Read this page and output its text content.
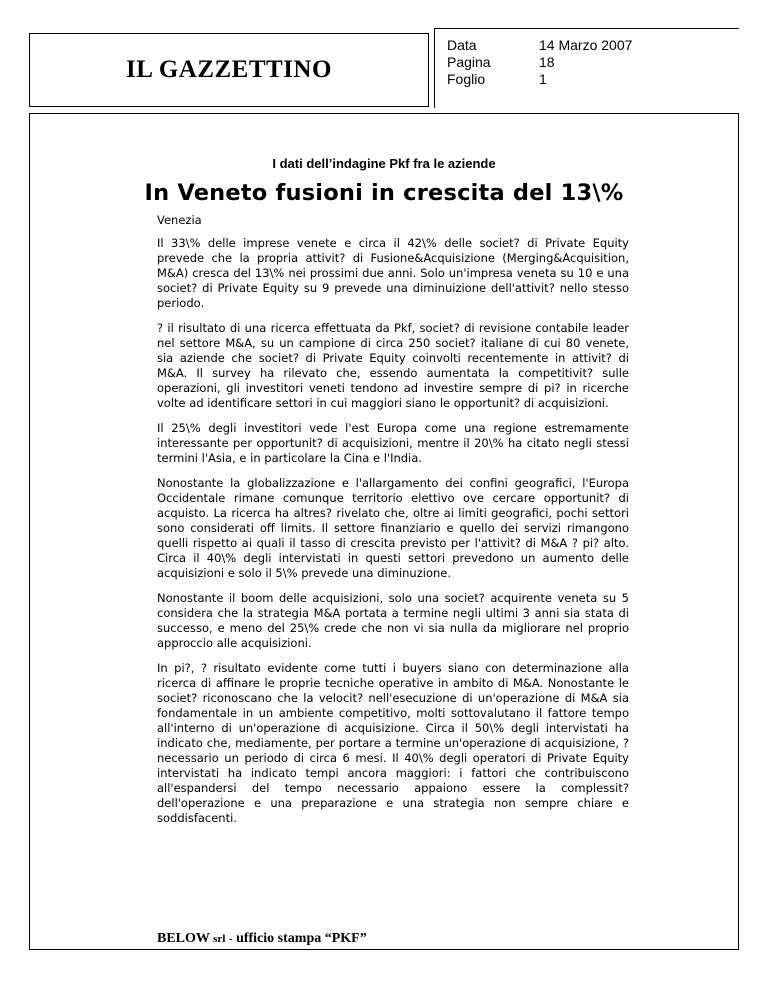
IL GAZZETTINO
Data	14 Marzo 2007
Pagina	18
Foglio	1
I dati dell’indagine Pkf fra le aziende
In Veneto fusioni in crescita del 13\%
Venezia

Il 33\% delle imprese venete e circa il 42\% delle societ? di Private Equity prevede che la propria attivit? di Fusione&Acquisizione (Merging&Acquisition, M&A) cresca del 13\% nei prossimi due anni. Solo un'impresa veneta su 10 e una societ? di Private Equity su 9 prevede una diminuizione dell'attivit? nello stesso periodo.

? il risultato di una ricerca effettuata da Pkf, societ? di revisione contabile leader nel settore M&A, su un campione di circa 250 societ? italiane di cui 80 venete, sia aziende che societ? di Private Equity coinvolti recentemente in attivit? di M&A. Il survey ha rilevato che, essendo aumentata la competitivit? sulle operazioni, gli investitori veneti tendono ad investire sempre di pi? in ricerche volte ad identificare settori in cui maggiori siano le opportunit? di acquisizioni.

Il 25\% degli investitori vede l'est Europa come una regione estremamente interessante per opportunit? di acquisizioni, mentre il 20\% ha citato negli stessi termini l'Asia, e in particolare la Cina e l'India.

Nonostante la globalizzazione e l'allargamento dei confini geografici, l'Europa Occidentale rimane comunque territorio elettivo ove cercare opportunit? di acquisto. La ricerca ha altres? rivelato che, oltre ai limiti geografici, pochi settori sono considerati off limits. Il settore finanziario e quello dei servizi rimangono quelli rispetto ai quali il tasso di crescita previsto per l'attivit? di M&A ? pi? alto. Circa il 40\% degli intervistati in questi settori prevedono un aumento delle acquisizioni e solo il 5\% prevede una diminuzione.

Nonostante il boom delle acquisizioni, solo una societ? acquirente veneta su 5 considera che la strategia M&A portata a termine negli ultimi 3 anni sia stata di successo, e meno del 25\% crede che non vi sia nulla da migliorare nel proprio approccio alle acquisizioni.

In pi?, ? risultato evidente come tutti i buyers siano con determinazione alla ricerca di affinare le proprie tecniche operative in ambito di M&A. Nonostante le societ? riconoscano che la velocit? nell'esecuzione di un'operazione di M&A sia fondamentale in un ambiente competitivo, molti sottovalutano il fattore tempo all'interno di un'operazione di acquisizione. Circa il 50\% degli intervistati ha indicato che, mediamente, per portare a termine un'operazione di acquisizione, ? necessario un periodo di circa 6 mesi. Il 40\% degli operatori di Private Equity intervistati ha indicato tempi ancora maggiori: i fattori che contribuiscono all'espandersi del tempo necessario appaiono essere la complessit? dell'operazione e una preparazione e una strategia non sempre chiare e soddisfacenti.

BELOW srl - ufficio stampa “PKF”
